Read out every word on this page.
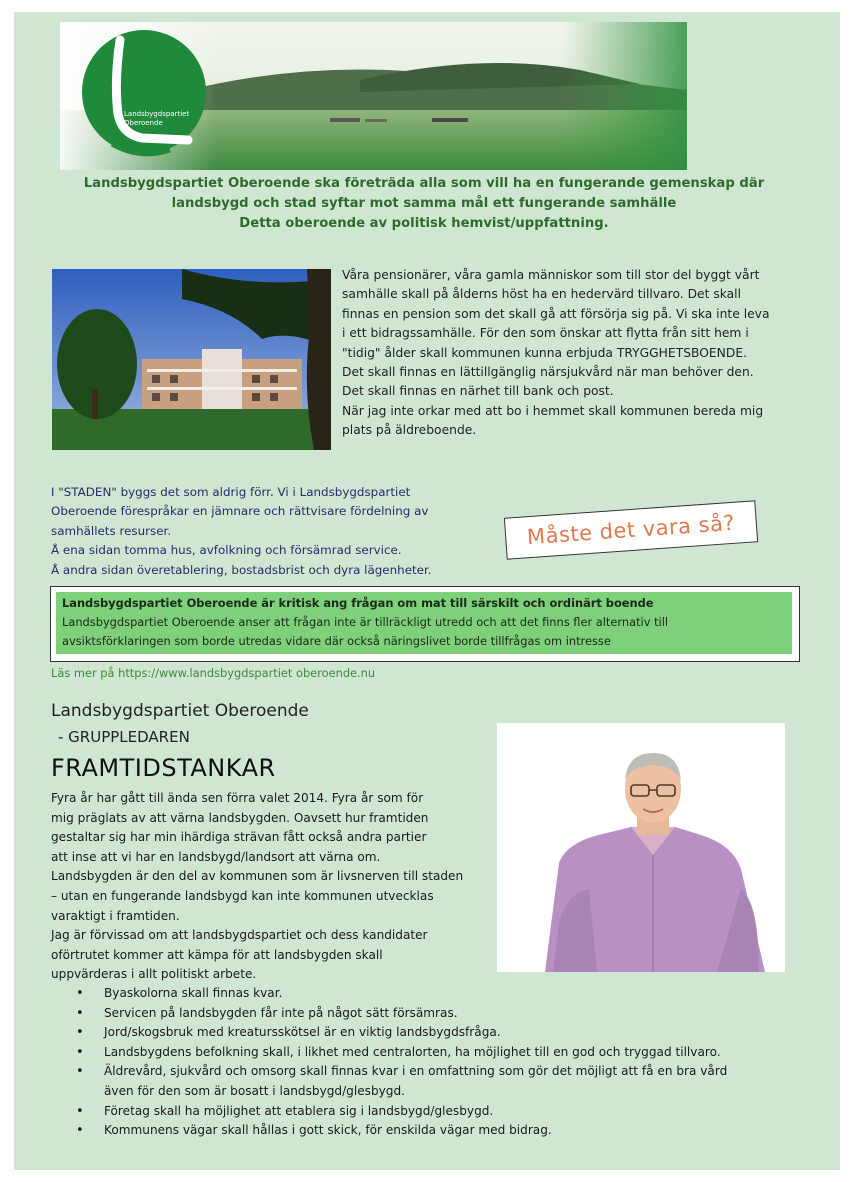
Landsbygdspartiet
Oberoende
Landsbygdspartiet Oberoende ska företräda alla som vill ha en fungerande gemenskap där
landsbygd och stad syftar mot samma mål ett fungerande samhälle
Detta oberoende av politisk hemvist/uppfattning.
Våra pensionärer, våra gamla människor som till stor del byggt vårt
samhälle skall på ålderns höst ha en hedervärd tillvaro. Det skall
finnas en pension som det skall gå att försörja sig på. Vi ska inte leva
i ett bidragssamhälle. För den som önskar att flytta från sitt hem i
"tidig" ålder skall kommunen kunna erbjuda TRYGGHETSBOENDE.
Det skall finnas en lättillgänglig närsjukvård när man behöver den.
Det skall finnas en närhet till bank och post.
När jag inte orkar med att bo i hemmet skall kommunen bereda mig
plats på äldreboende.
I "STADEN" byggs det som aldrig förr. Vi i Landsbygdspartiet
Oberoende förespråkar en jämnare och rättvisare fördelning av
samhällets resurser.
Å ena sidan tomma hus, avfolkning och försämrad service.
Å andra sidan överetablering, bostadsbrist och dyra lägenheter.
Måste det vara så?
Landsbygdspartiet Oberoende är kritisk ang frågan om mat till särskilt och ordinärt boende
Landsbygdspartiet Oberoende anser att frågan inte är tillräckligt utredd och att det finns fler alternativ till
avsiktsförklaringen som borde utredas vidare där också näringslivet borde tillfrågas om intresse
Läs mer på https://www.landsbygdspartiet oberoende.nu
Landsbygdspartiet Oberoende
- GRUPPLEDAREN
FRAMTIDSTANKAR
Fyra år har gått till ända sen förra valet 2014. Fyra år som för
mig präglats av att värna landsbygden. Oavsett hur framtiden
gestaltar sig har min ihärdiga strävan fått också andra partier
att inse att vi har en landsbygd/landsort att värna om.
Landsbygden är den del av kommunen som är livsnerven till staden
– utan en fungerande landsbygd kan inte kommunen utvecklas
varaktigt i framtiden.
Jag är förvissad om att landsbygdspartiet och dess kandidater
oförtrutet kommer att kämpa för att landsbygden skall
uppvärderas i allt politiskt arbete.
• Byaskolorna skall finnas kvar.
• Servicen på landsbygden får inte på något sätt försämras.
• Jord/skogsbruk med kreatursskötsel är en viktig landsbygdsfråga.
• Landsbygdens befolkning skall, i likhet med centralorten, ha möjlighet till en god och tryggad tillvaro.
• Äldrevård, sjukvård och omsorg skall finnas kvar i en omfattning som gör det möjligt att få en bra vård
även för den som är bosatt i landsbygd/glesbygd.
• Företag skall ha möjlighet att etablera sig i landsbygd/glesbygd.
• Kommunens vägar skall hållas i gott skick, för enskilda vägar med bidrag.
